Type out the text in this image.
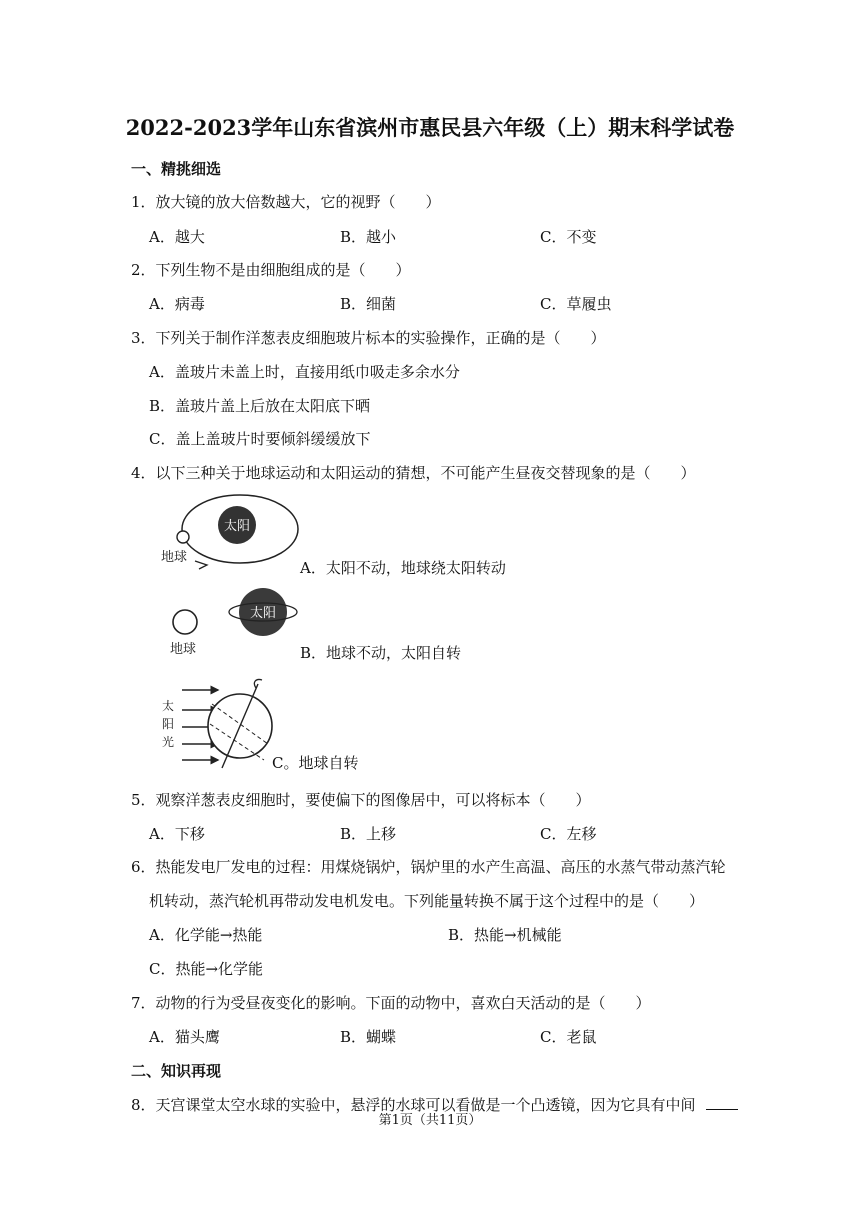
2022-2023学年山东省滨州市惠民县六年级（上）期末科学试卷
一、精挑细选
1．放大镜的放大倍数越大，它的视野（　　）
A．越大	B．越小	C．不变
2．下列生物不是由细胞组成的是（　　）
A．病毒	B．细菌	C．草履虫
3．下列关于制作洋葱表皮细胞玻片标本的实验操作，正确的是（　　）
A．盖玻片未盖上时，直接用纸巾吸走多余水分
B．盖玻片盖上后放在太阳底下晒
C．盖上盖玻片时要倾斜缓缓放下
4．以下三种关于地球运动和太阳运动的猜想，不可能产生昼夜交替现象的是（　　）
太阳
地球
A．太阳不动，地球绕太阳转动
地球
太阳
B．地球不动，太阳自转
太
阳
光
C。地球自转
5．观察洋葱表皮细胞时，要使偏下的图像居中，可以将标本（　　）
A．下移	B．上移	C．左移
6．热能发电厂发电的过程：用煤烧锅炉，锅炉里的水产生高温、高压的水蒸气带动蒸汽轮
机转动，蒸汽轮机再带动发电机发电。下列能量转换不属于这个过程中的是（　　）
A．化学能→热能	B．热能→机械能
C．热能→化学能
7．动物的行为受昼夜变化的影响。下面的动物中，喜欢白天活动的是（　　）
A．猫头鹰	B．蝴蝶	C．老鼠
二、知识再现
8．天宫课堂太空水球的实验中，悬浮的水球可以看做是一个凸透镜，因为它具有中间
第1页（共11页）
